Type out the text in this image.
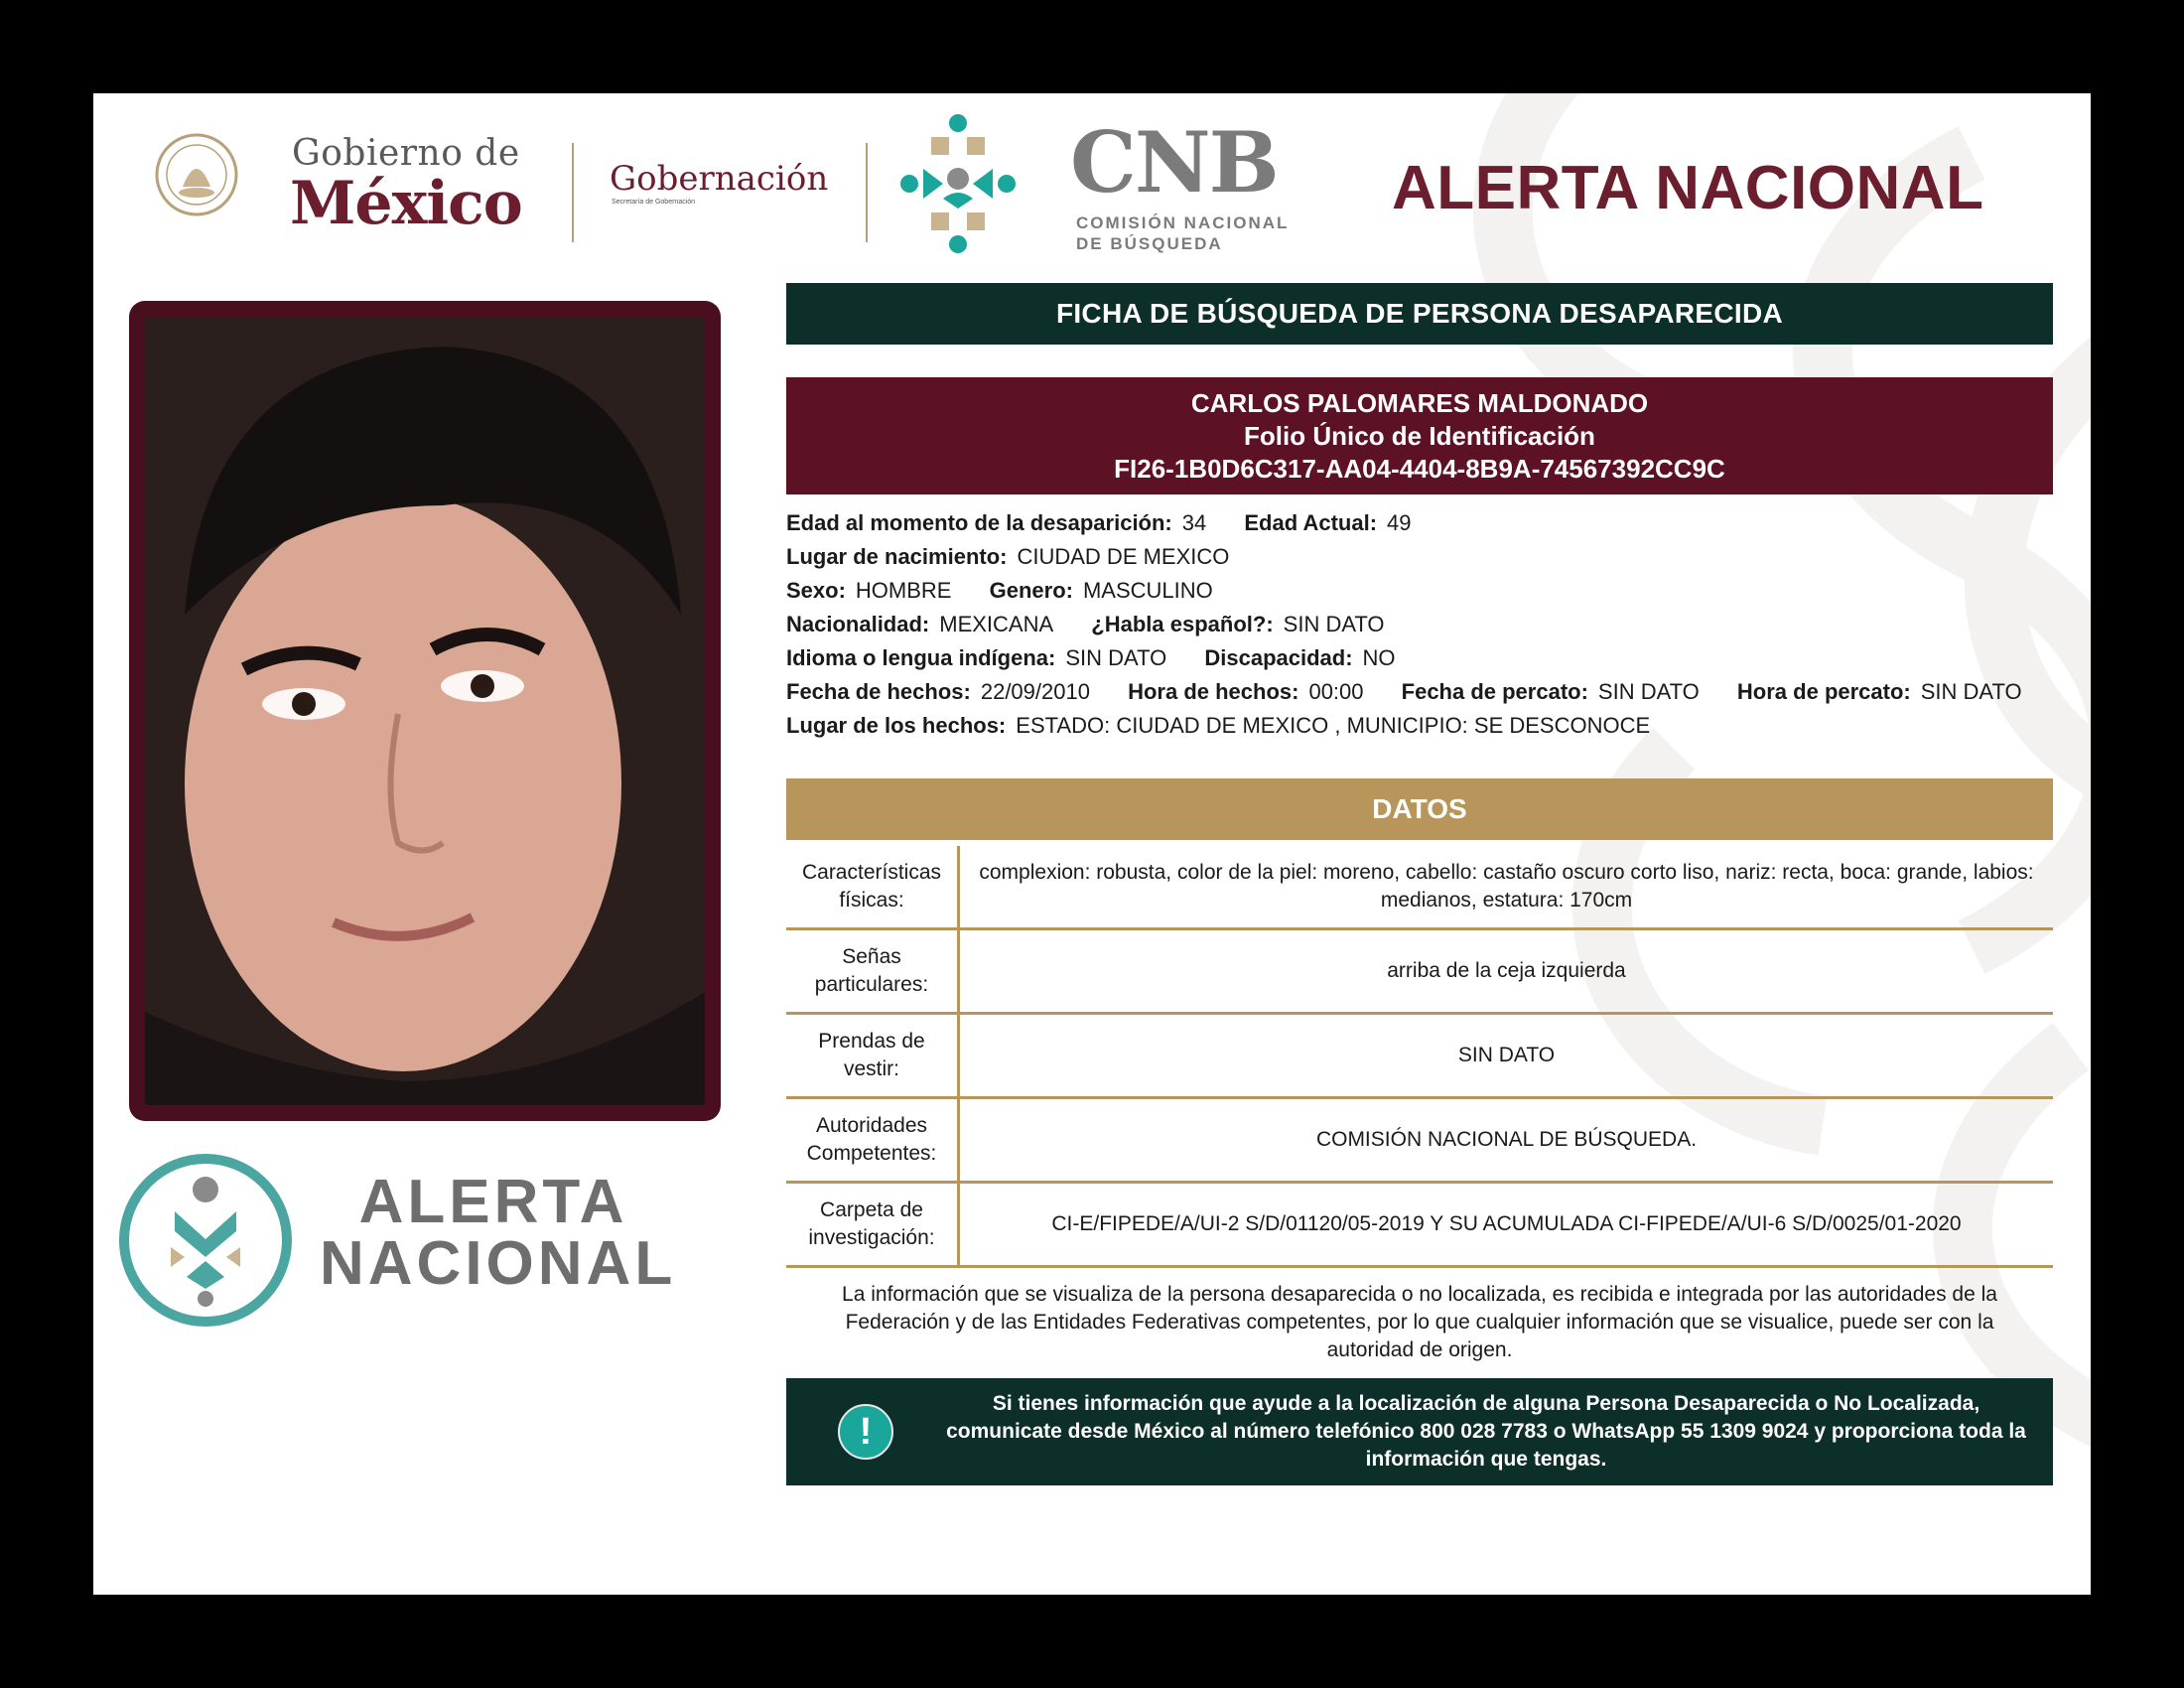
Gobierno de
México	Gobernación
Secretaría de Gobernación	CNB
COMISIÓN NACIONAL
DE BÚSQUEDA
ALERTA NACIONAL
ALERTA
NACIONAL
FICHA DE BÚSQUEDA DE PERSONA DESAPARECIDA
CARLOS PALOMARES MALDONADO
Folio Único de Identificación
FI26-1B0D6C317-AA04-4404-8B9A-74567392CC9C
Edad al momento de la desaparición: 34 Edad Actual: 49
Lugar de nacimiento: CIUDAD DE MEXICO
Sexo: HOMBRE Genero: MASCULINO
Nacionalidad: MEXICANA ¿Habla español?: SIN DATO
Idioma o lengua indígena: SIN DATO Discapacidad: NO
Fecha de hechos: 22/09/2010 Hora de hechos: 00:00 Fecha de percato: SIN DATO Hora de percato: SIN DATO
Lugar de los hechos: ESTADO: CIUDAD DE MEXICO , MUNICIPIO: SE DESCONOCE
DATOS
Características físicas:	complexion: robusta, color de la piel: moreno, cabello: castaño oscuro corto liso, nariz: recta, boca: grande, labios: medianos, estatura: 170cm
Señas particulares:	arriba de la ceja izquierda
Prendas de vestir:	SIN DATO
Autoridades Competentes:	COMISIÓN NACIONAL DE BÚSQUEDA.
Carpeta de investigación:	CI-E/FIPEDE/A/UI-2 S/D/01120/05-2019 Y SU ACUMULADA CI-FIPEDE/A/UI-6 S/D/0025/01-2020
La información que se visualiza de la persona desaparecida o no localizada, es recibida e integrada por las autoridades de la Federación y de las Entidades Federativas competentes, por lo que cualquier información que se visualice, puede ser con la autoridad de origen.
!
Si tienes información que ayude a la localización de alguna Persona Desaparecida o No Localizada, comunicate desde México al número telefónico 800 028 7783 o WhatsApp 55 1309 9024 y proporciona toda la información que tengas.
